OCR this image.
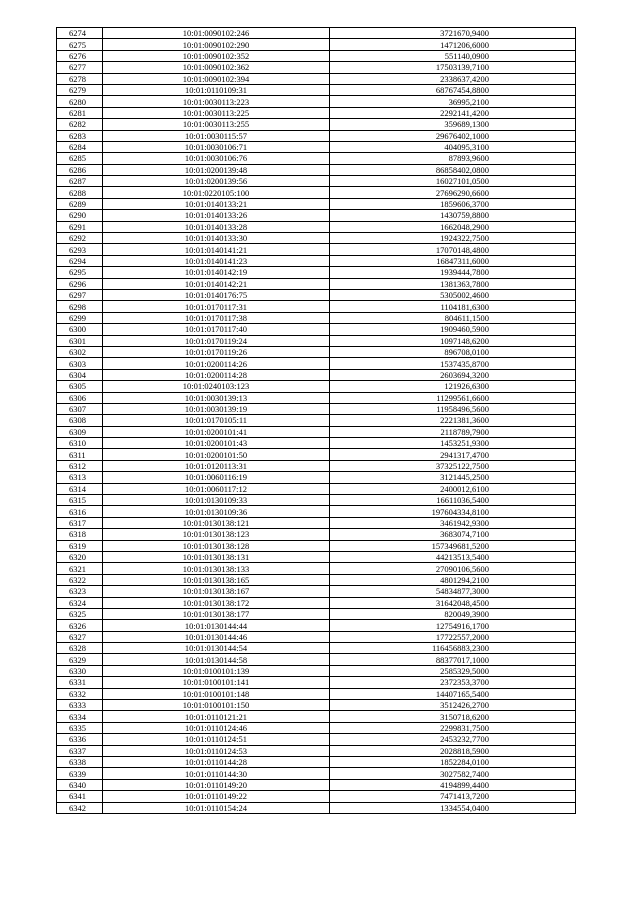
6274	10:01:0090102:246	3721670,9400
6275	10:01:0090102:290	1471206,6000
6276	10:01:0090102:352	551140,0900
6277	10:01:0090102:362	17503139,7100
6278	10:01:0090102:394	2338637,4200
6279	10:01:0110109:31	68767454,8800
6280	10:01:0030113:223	36995,2100
6281	10:01:0030113:225	2292141,4200
6282	10:01:0030113:255	359689,1300
6283	10:01:0030115:57	29676402,1000
6284	10:01:0030106:71	404095,3100
6285	10:01:0030106:76	87893,9600
6286	10:01:0200139:48	86858402,0800
6287	10:01:0200139:56	16027101,0500
6288	10:01:0220105:100	27696290,6600
6289	10:01:0140133:21	1859606,3700
6290	10:01:0140133:26	1430759,8800
6291	10:01:0140133:28	1662048,2900
6292	10:01:0140133:30	1924322,7500
6293	10:01:0140141:21	17070148,4800
6294	10:01:0140141:23	16847311,6000
6295	10:01:0140142:19	1939444,7800
6296	10:01:0140142:21	1381363,7800
6297	10:01:0140176:75	5305002,4600
6298	10:01:0170117:31	1104181,6300
6299	10:01:0170117:38	804611,1500
6300	10:01:0170117:40	1909460,5900
6301	10:01:0170119:24	1097148,6200
6302	10:01:0170119:26	896708,0100
6303	10:01:0200114:26	1537435,8700
6304	10:01:0200114:28	2603694,3200
6305	10:01:0240103:123	121926,6300
6306	10:01:0030139:13	11299561,6600
6307	10:01:0030139:19	11958496,5600
6308	10:01:0170105:11	2221381,3600
6309	10:01:0200101:41	2118789,7900
6310	10:01:0200101:43	1453251,9300
6311	10:01:0200101:50	2941317,4700
6312	10:01:0120113:31	37325122,7500
6313	10:01:0060116:19	3121445,2500
6314	10:01:0060117:12	2400012,6100
6315	10:01:0130109:33	16611036,5400
6316	10:01:0130109:36	197604334,8100
6317	10:01:0130138:121	3461942,9300
6318	10:01:0130138:123	3683074,7100
6319	10:01:0130138:128	157349681,5200
6320	10:01:0130138:131	44213513,5400
6321	10:01:0130138:133	27090106,5600
6322	10:01:0130138:165	4801294,2100
6323	10:01:0130138:167	54834877,3000
6324	10:01:0130138:172	31642048,4500
6325	10:01:0130138:177	820049,3900
6326	10:01:0130144:44	12754916,1700
6327	10:01:0130144:46	17722557,2000
6328	10:01:0130144:54	116456883,2300
6329	10:01:0130144:58	88377017,1000
6330	10:01:0100101:139	2585329,5000
6331	10:01:0100101:141	2372353,3700
6332	10:01:0100101:148	14407165,5400
6333	10:01:0100101:150	3512426,2700
6334	10:01:0110121:21	3150718,6200
6335	10:01:0110124:46	2299831,7500
6336	10:01:0110124:51	2453232,7700
6337	10:01:0110124:53	2028818,5900
6338	10:01:0110144:28	1852284,0100
6339	10:01:0110144:30	3027582,7400
6340	10:01:0110149:20	4194899,4400
6341	10:01:0110149:22	7471413,7200
6342	10:01:0110154:24	1334554,0400
